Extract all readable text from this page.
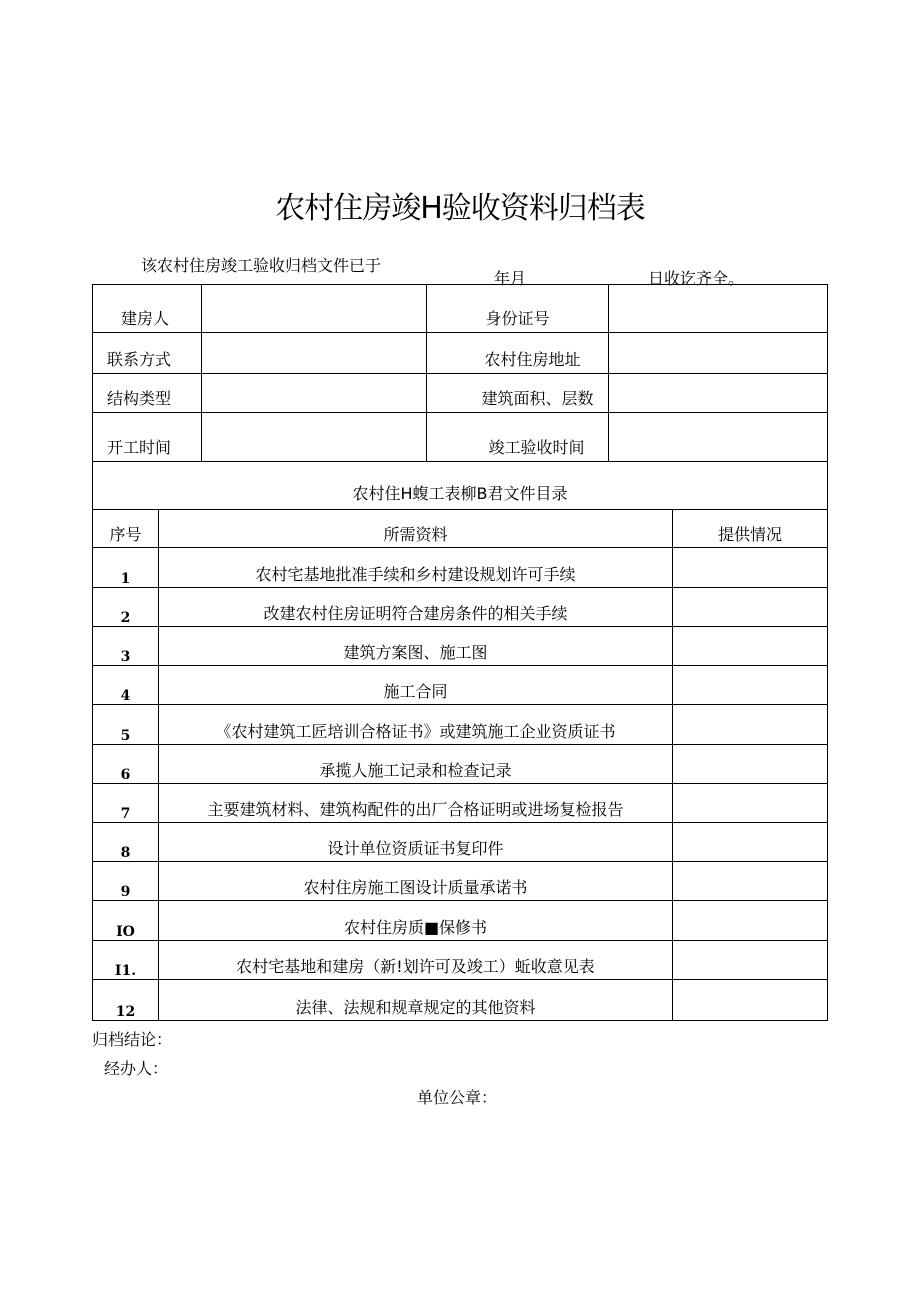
农村住房竣H验收资料归档表
该农村住房竣工验收归档文件已于
年月	日收讫齐全。
建房人		身份证号	
联系方式		农村住房地址	
结构类型		建筑面积、层数	
开工时间		竣工验收时间	
农村住H蝮工表柳B君文件目录		
序号	所需资料	提供情况
1	农村宅基地批准手续和乡村建设规划许可手续	
2	改建农村住房证明符合建房条件的相关手续	
3	建筑方案图、施工图	
4	施工合同	
5	《农村建筑工匠培训合格证书》或建筑施工企业资质证书	
6	承揽人施工记录和检查记录	
7	主要建筑材料、建筑构配件的出厂合格证明或进场复检报告	
8	设计单位资质证书复印件	
9	农村住房施工图设计质量承诺书	
IO	农村住房质■保修书	
I1.	农村宅基地和建房（新!划许可及竣工）蚯收意见表	
12	法律、法规和规章规定的其他资料	
归档结论：
经办人：
单位公章：
